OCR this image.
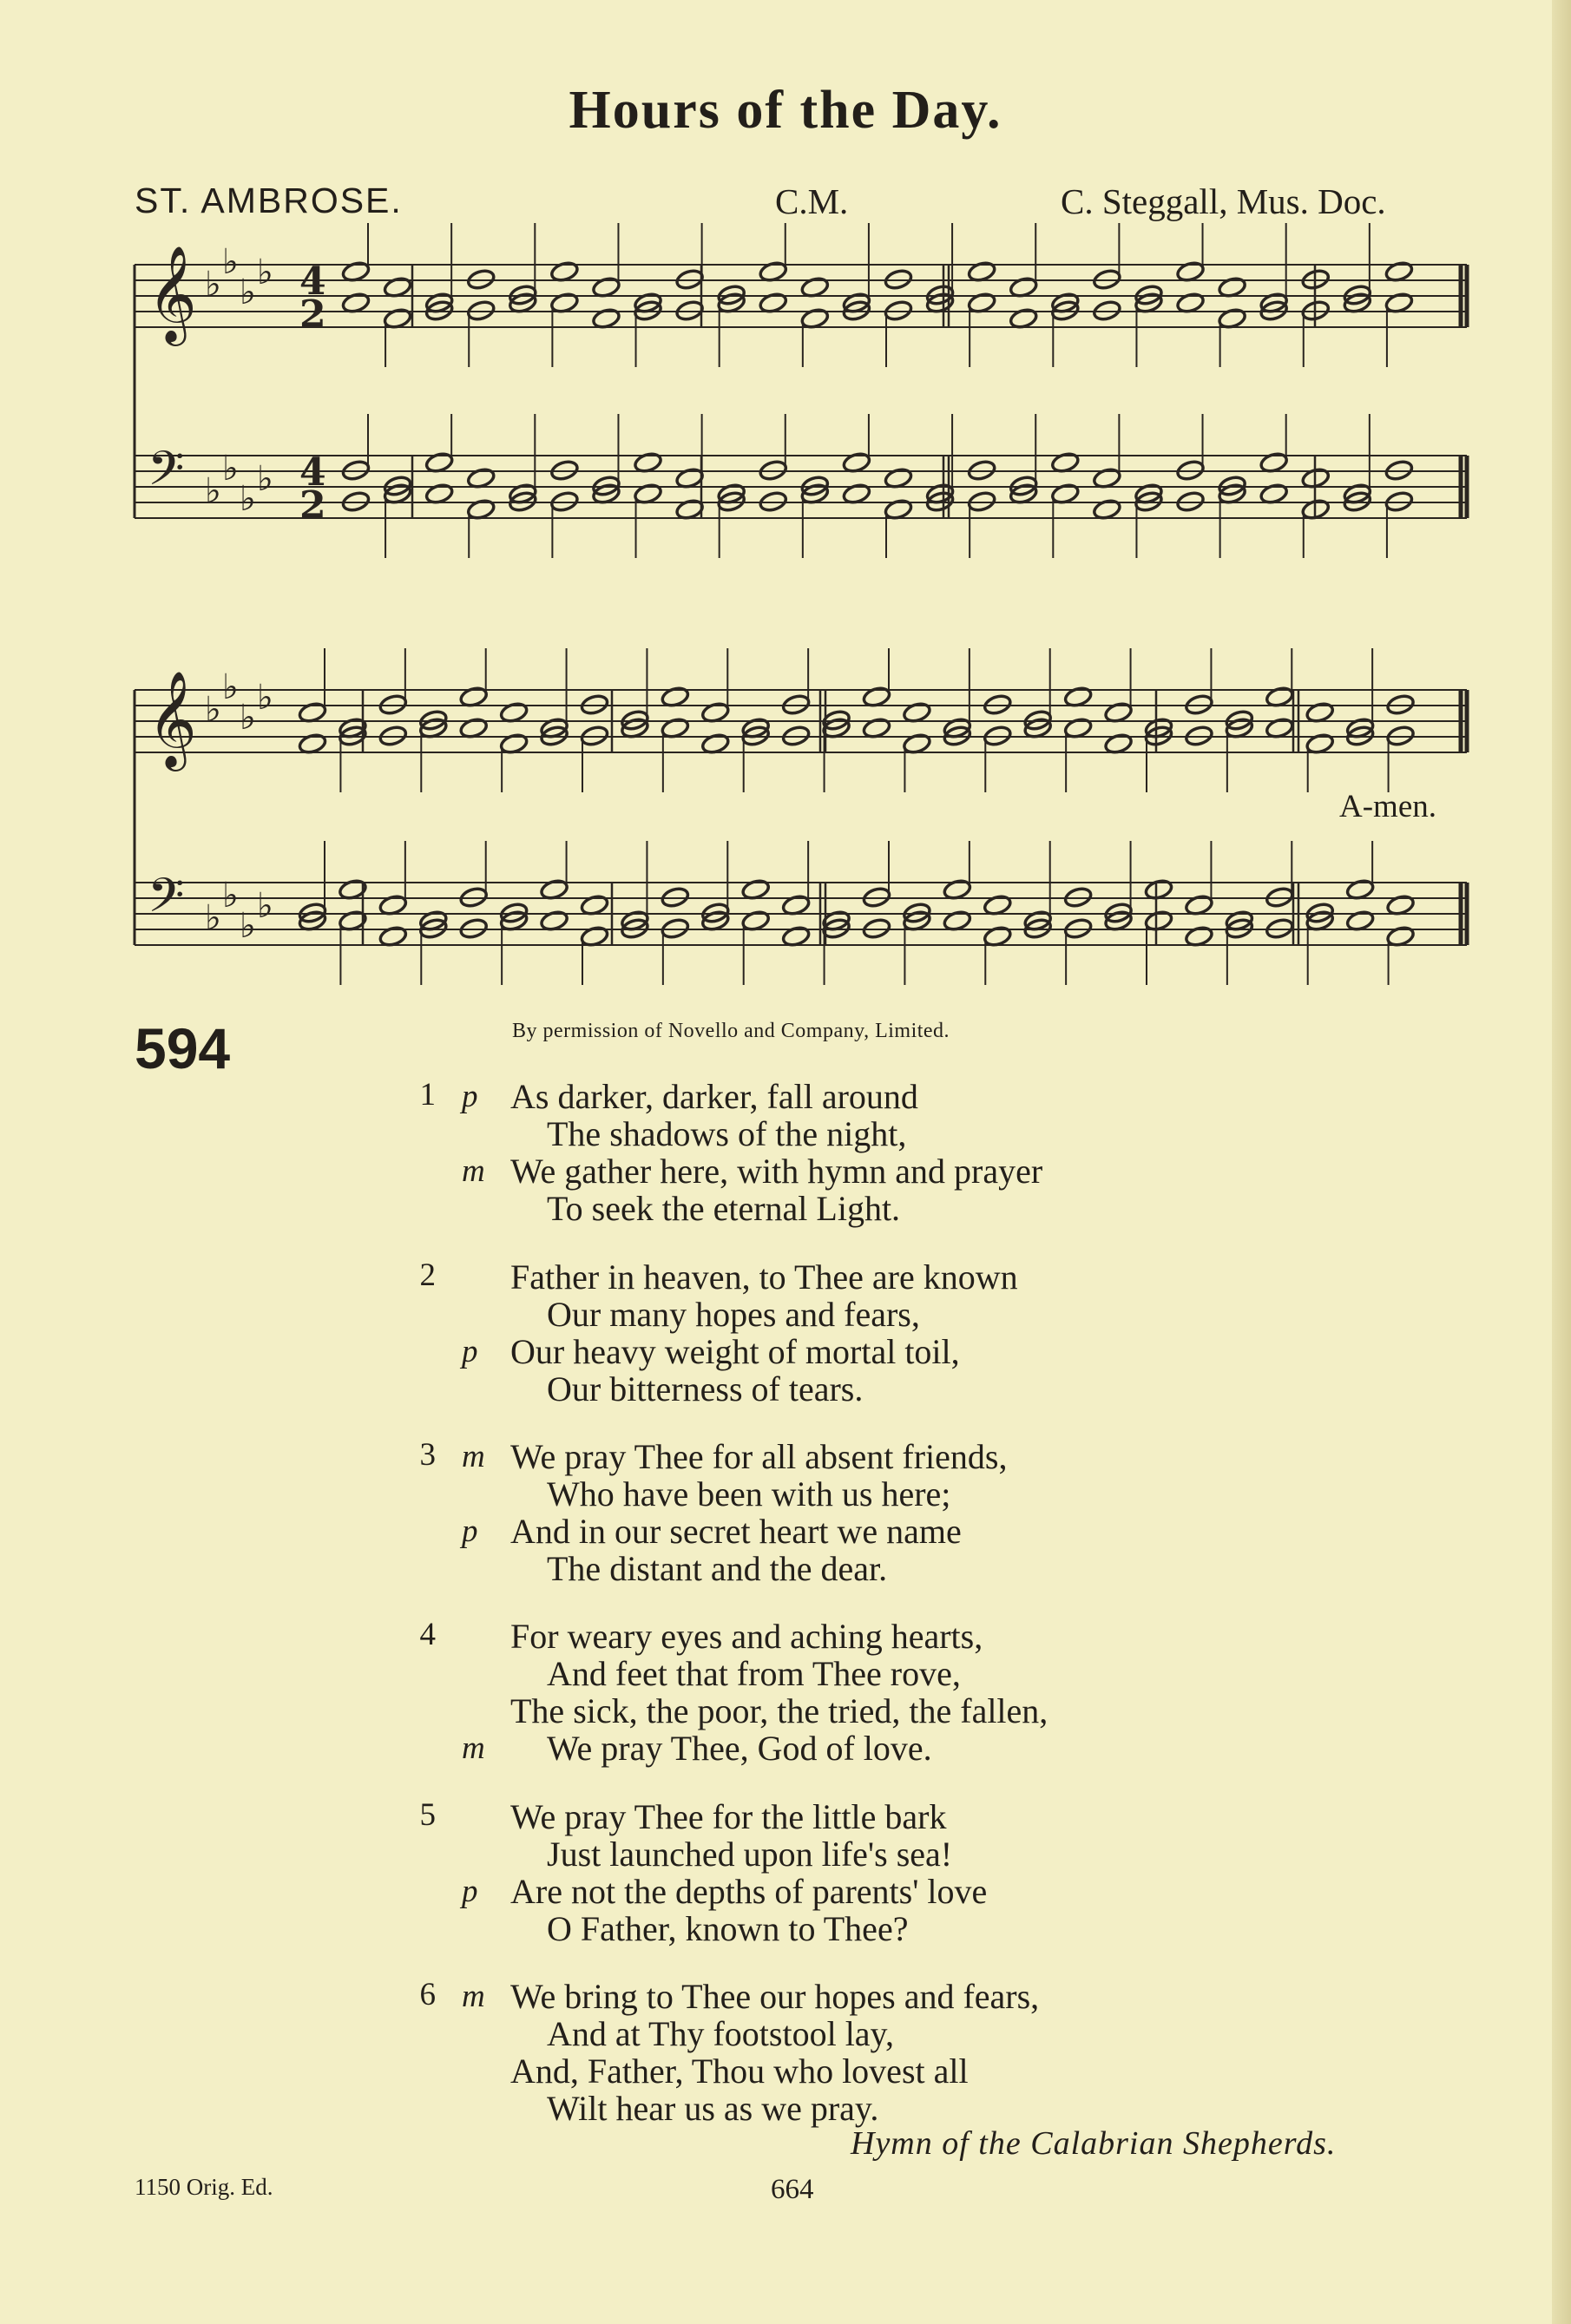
Hours of the Day.
ST. AMBROSE.	C.M.	C. Steggall, Mus. Doc.
𝄞 ♭
♭
♭ ♭ 4
2
𝄢 ♭
♭
♭ ♭ 4
2
𝄞 ♭
♭
♭ ♭
𝄢 ♭
♭
♭ ♭
A-men.
594	By permission of Novello and Company, Limited.
1 p As darker, darker, fall around
The shadows of the night,
m We gather here, with hymn and prayer
To seek the eternal Light.
2 Father in heaven, to Thee are known
Our many hopes and fears,
p Our heavy weight of mortal toil,
Our bitterness of tears.
3 m We pray Thee for all absent friends,
Who have been with us here;
p And in our secret heart we name
The distant and the dear.
4 For weary eyes and aching hearts,
And feet that from Thee rove,
The sick, the poor, the tried, the fallen,
m We pray Thee, God of love.
5 We pray Thee for the little bark
Just launched upon life's sea!
p Are not the depths of parents' love
O Father, known to Thee?
6 m We bring to Thee our hopes and fears,
And at Thy footstool lay,
And, Father, Thou who lovest all
Wilt hear us as we pray.
Hymn of the Calabrian Shepherds.
1150 Orig. Ed.	664
